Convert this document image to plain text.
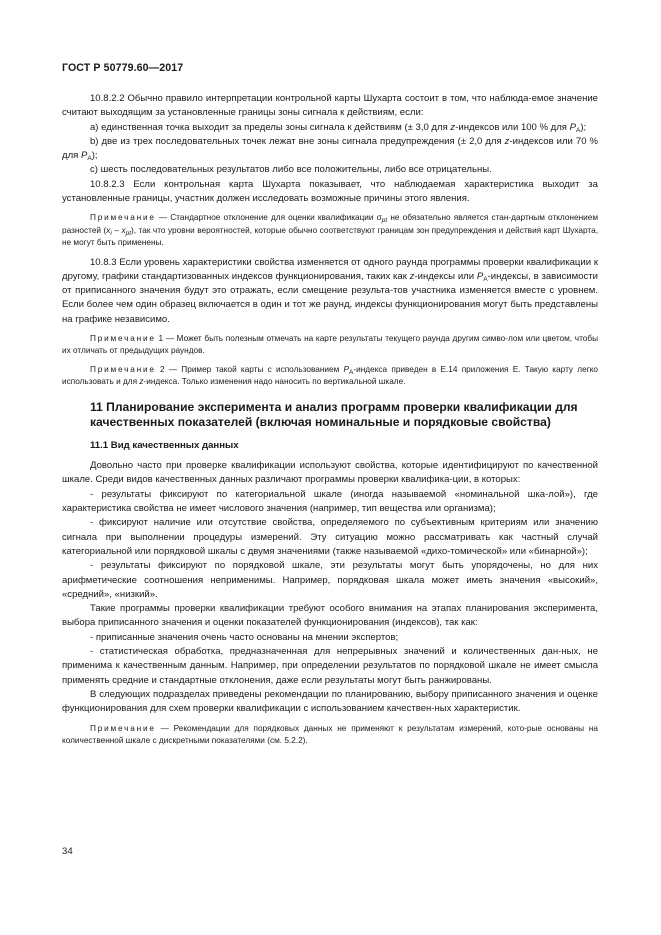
ГОСТ Р 50779.60—2017

10.8.2.2 Обычно правило интерпретации контрольной карты Шухарта состоит в том, что наблюда-емое значение считают выходящим за установленные границы зоны сигнала к действиям, если:

a) единственная точка выходит за пределы зоны сигнала к действиям (± 3,0 для z-индексов или 100 % для $P_A$);

b) две из трех последовательных точек лежат вне зоны сигнала предупреждения (± 2,0 для z-индексов или 70 % для $P_A$);

c) шесть последовательных результатов либо все положительны, либо все отрицательны.

10.8.2.3 Если контрольная карта Шухарта показывает, что наблюдаемая характеристика выходит за установленные границы, участник должен исследовать возможные причины этого явления.

Примечание — Стандартное отклонение для оценки квалификации $\sigma_{pt}$ не обязательно является стан-дартным отклонением разностей $(x_i - x_{pt})$, так что уровни вероятностей, которые обычно соответствуют границам зон предупреждения и действия карт Шухарта, не могут быть применены.

10.8.3 Если уровень характеристики свойства изменяется от одного раунда программы проверки квалификации к другому, графики стандартизованных индексов функционирования, таких как z-индексы или $P_A$-индексы, в зависимости от приписанного значения будут это отражать, если смещение результа-тов участника изменяется вместе с уровнем. Если более чем один образец включается в один и тот же раунд, индексы функционирования могут быть представлены на графике независимо.

Примечание 1 — Может быть полезным отмечать на карте результаты текущего раунда другим симво-лом или цветом, чтобы их отличать от предыдущих раундов.

Примечание 2 — Пример такой карты с использованием $P_A$-индекса приведен в Е.14 приложения Е. Такую карту легко использовать и для z-индекса. Только изменения надо наносить по вертикальной шкале.

11 Планирование эксперимента и анализ программ проверки квалификации для качественных показателей (включая номинальные и порядковые свойства)
11.1 Вид качественных данных

Довольно часто при проверке квалификации используют свойства, которые идентифицируют по качественной шкале. Среди видов качественных данных различают программы проверки квалифика-ции, в которых:

- результаты фиксируют по категориальной шкале (иногда называемой «номинальной шка-лой»), где характеристика свойства не имеет числового значения (например, тип вещества или организма);

- фиксируют наличие или отсутствие свойства, определяемого по субъективным критериям или значению сигнала при выполнении процедуры измерений. Эту ситуацию можно рассматривать как частный случай категориальной или порядковой шкалы с двумя значениями (также называемой «дихо-томической» или «бинарной»);

- результаты фиксируют по порядковой шкале, эти результаты могут быть упорядочены, но для них арифметические соотношения неприменимы. Например, порядковая шкала может иметь значения «высокий», «средний», «низкий».

Такие программы проверки квалификации требуют особого внимания на этапах планирования эксперимента, выбора приписанного значения и оценки показателей функционирования (индексов), так как:

- приписанные значения очень часто основаны на мнении экспертов;

- статистическая обработка, предназначенная для непрерывных значений и количественных дан-ных, не применима к качественным данным. Например, при определении результатов по порядковой шкале не имеет смысла применять средние и стандартные отклонения, даже если результаты могут быть ранжированы.

В следующих подразделах приведены рекомендации по планированию, выбору приписанного значения и оценке функционирования для схем проверки квалификации с использованием качествен-ных характеристик.

Примечание — Рекомендации для порядковых данных не применяют к результатам измерений, кото-рые основаны на количественной шкале с дискретными показателями (см. 5.2.2).

34
